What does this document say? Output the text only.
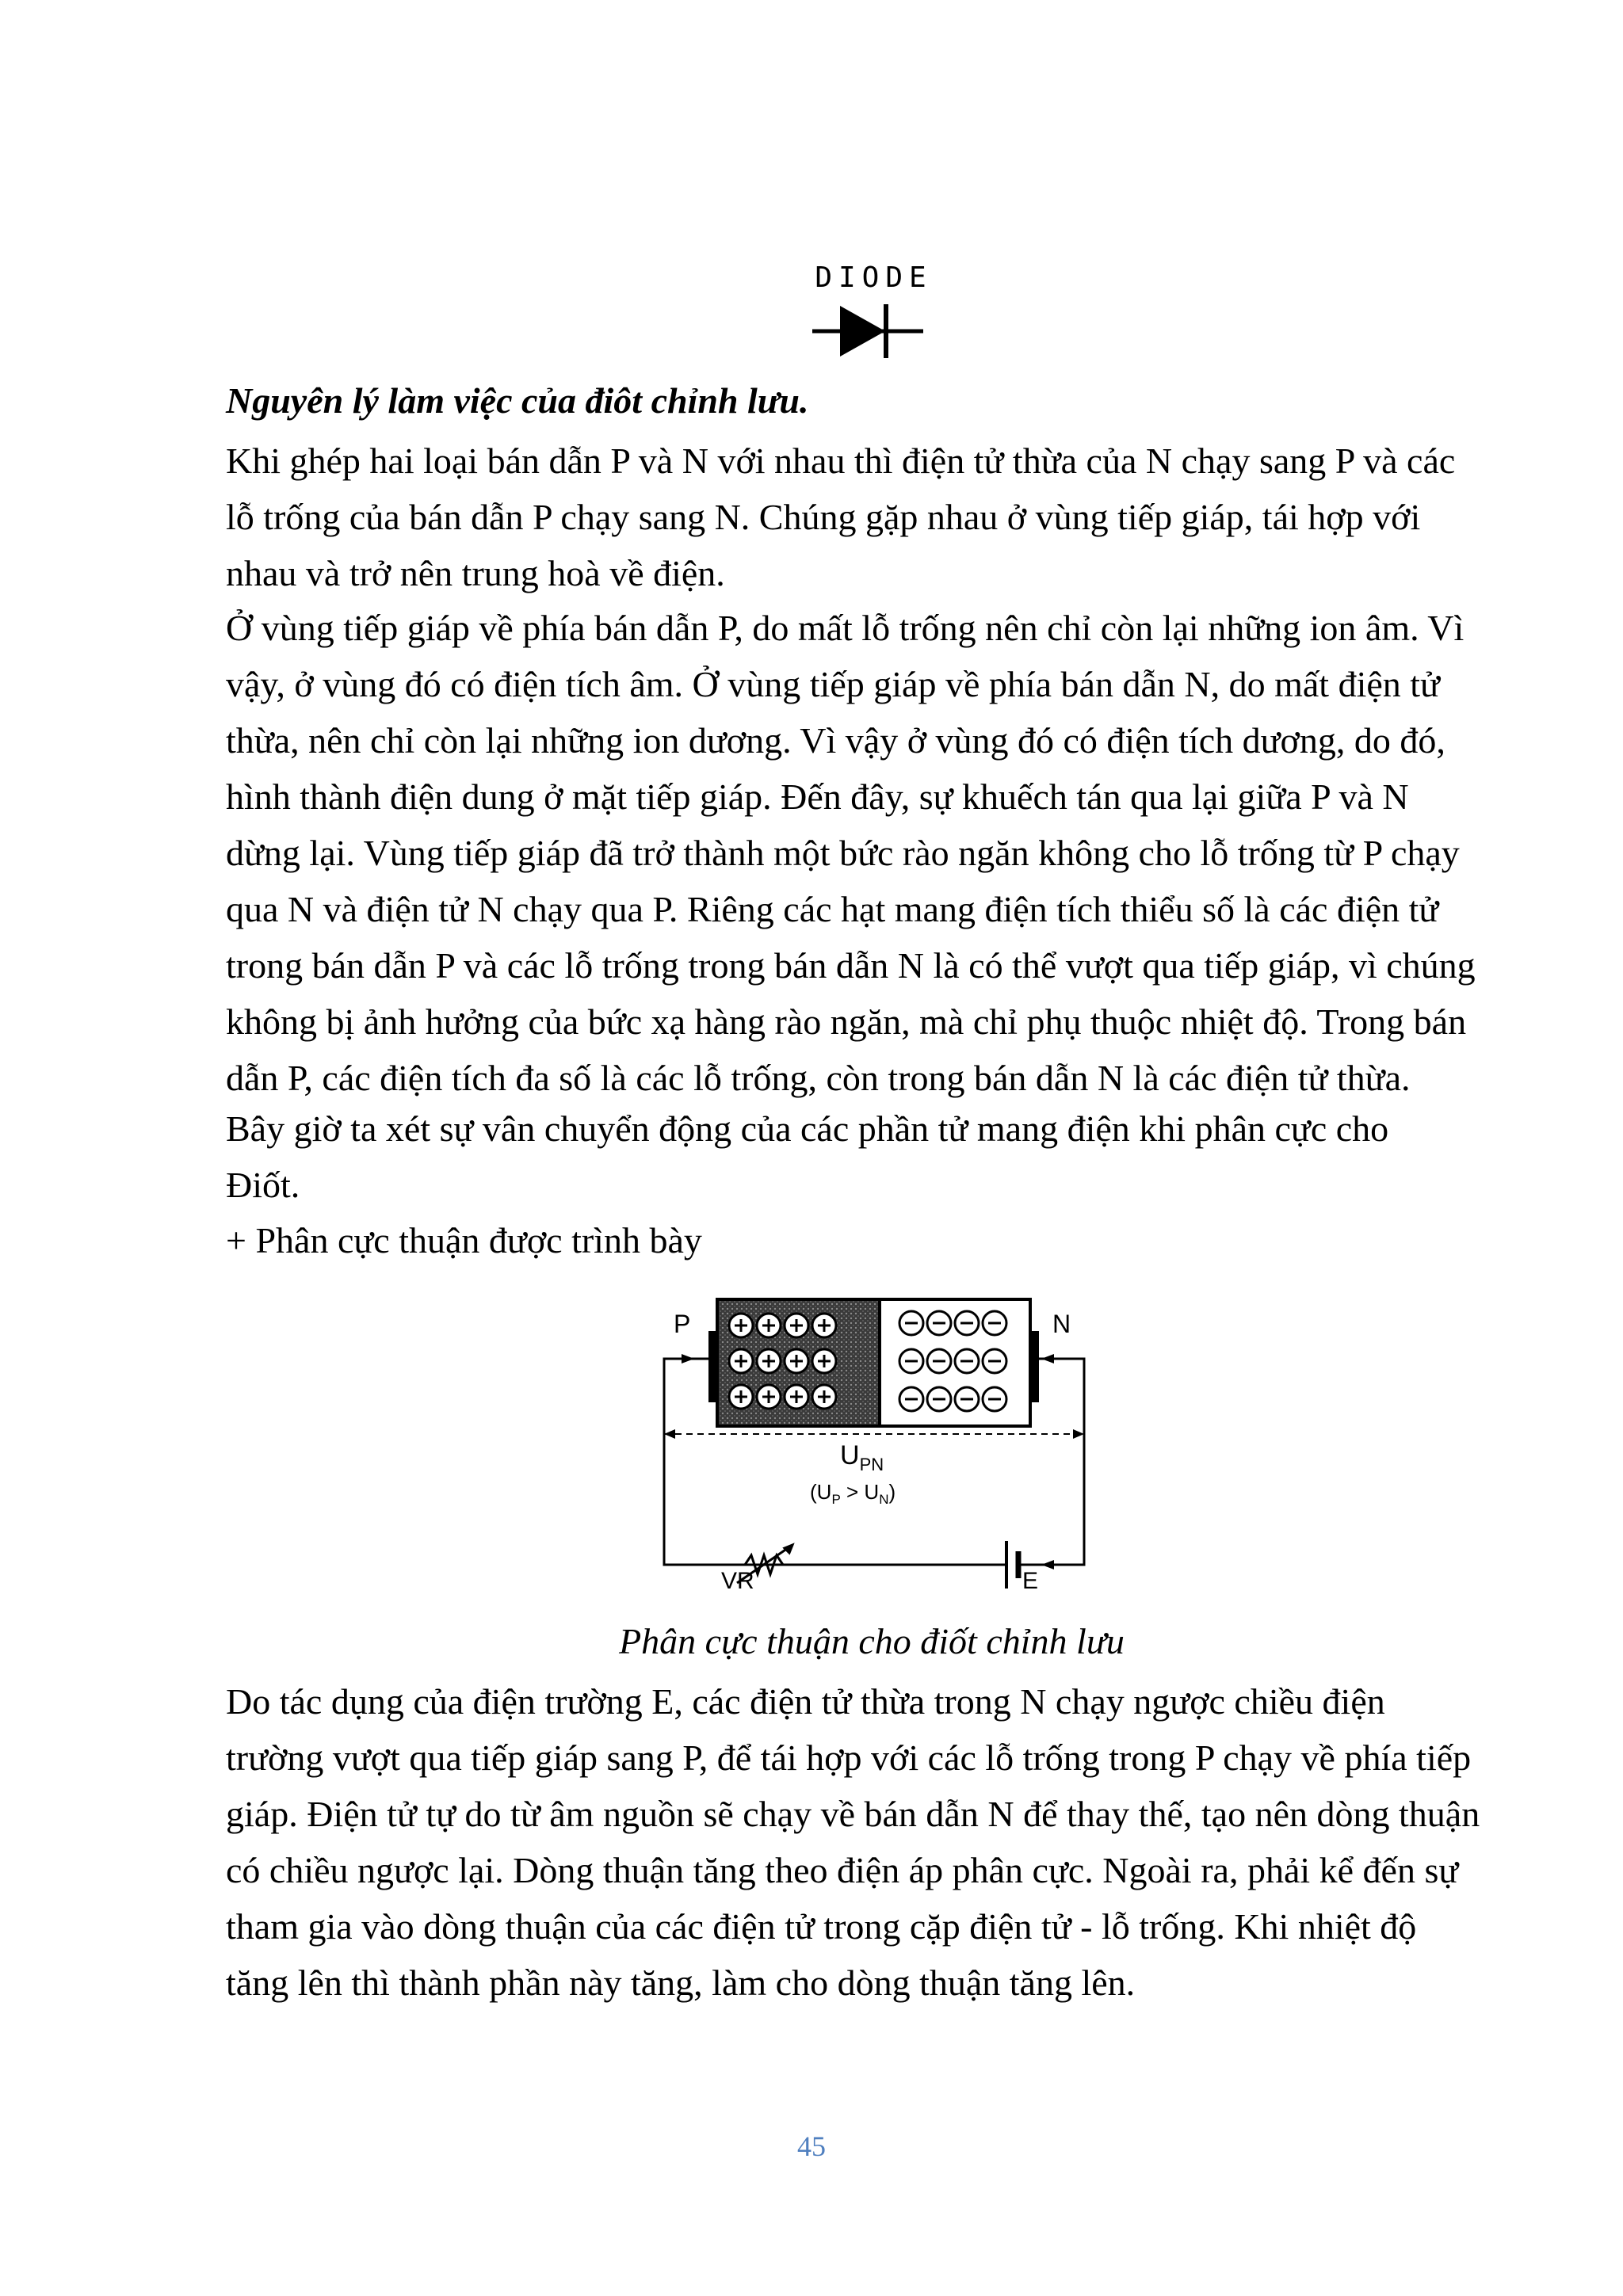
DIODE
Nguyên lý làm việc của điôt chỉnh lưu.
Khi ghép hai loại bán dẫn P và N với nhau thì điện tử thừa của N chạy sang P và các
lỗ trống của bán dẫn P chạy sang N. Chúng gặp nhau ở vùng tiếp giáp, tái hợp với
nhau và trở nên trung hoà về điện.
Ở vùng tiếp giáp về phía bán dẫn P, do mất lỗ trống nên chỉ còn lại những ion âm. Vì
vậy, ở vùng đó có điện tích âm. Ở vùng tiếp giáp về phía bán dẫn N, do mất điện tử
thừa, nên chỉ còn lại những ion dương. Vì vậy ở vùng đó có điện tích dương, do đó,
hình thành điện dung ở mặt tiếp giáp. Đến đây, sự khuếch tán qua lại giữa P và N
dừng lại. Vùng tiếp giáp đã trở thành một bức rào ngăn không cho lỗ trống từ P chạy
qua N và điện tử N chạy qua P. Riêng các hạt mang điện tích thiểu số là các điện tử
trong bán dẫn P và các lỗ trống trong bán dẫn N là có thể vượt qua tiếp giáp, vì chúng
không bị ảnh hưởng của bức xạ hàng rào ngăn, mà chỉ phụ thuộc nhiệt độ. Trong bán
dẫn P, các điện tích đa số là các lỗ trống, còn trong bán dẫn N là các điện tử thừa.
Bây giờ ta xét sự vân chuyển động của các phần tử mang điện khi phân cực cho
Điốt.
+ Phân cực thuận được trình bày
P	N
$U_{PN}$
$(U_P > U_N)$
VR	E
Phân cực thuận cho điốt chỉnh lưu
Do tác dụng của điện trường E, các điện tử thừa trong N chạy ngược chiều điện
trường vượt qua tiếp giáp sang P, để tái hợp với các lỗ trống trong P chạy về phía tiếp
giáp. Điện tử tự do từ âm nguồn sẽ chạy về bán dẫn N để thay thế, tạo nên dòng thuận
có chiều ngược lại. Dòng thuận tăng theo điện áp phân cực. Ngoài ra, phải kể đến sự
tham gia vào dòng thuận của các điện tử trong cặp điện tử - lỗ trống. Khi nhiệt độ
tăng lên thì thành phần này tăng, làm cho dòng thuận tăng lên.
45
